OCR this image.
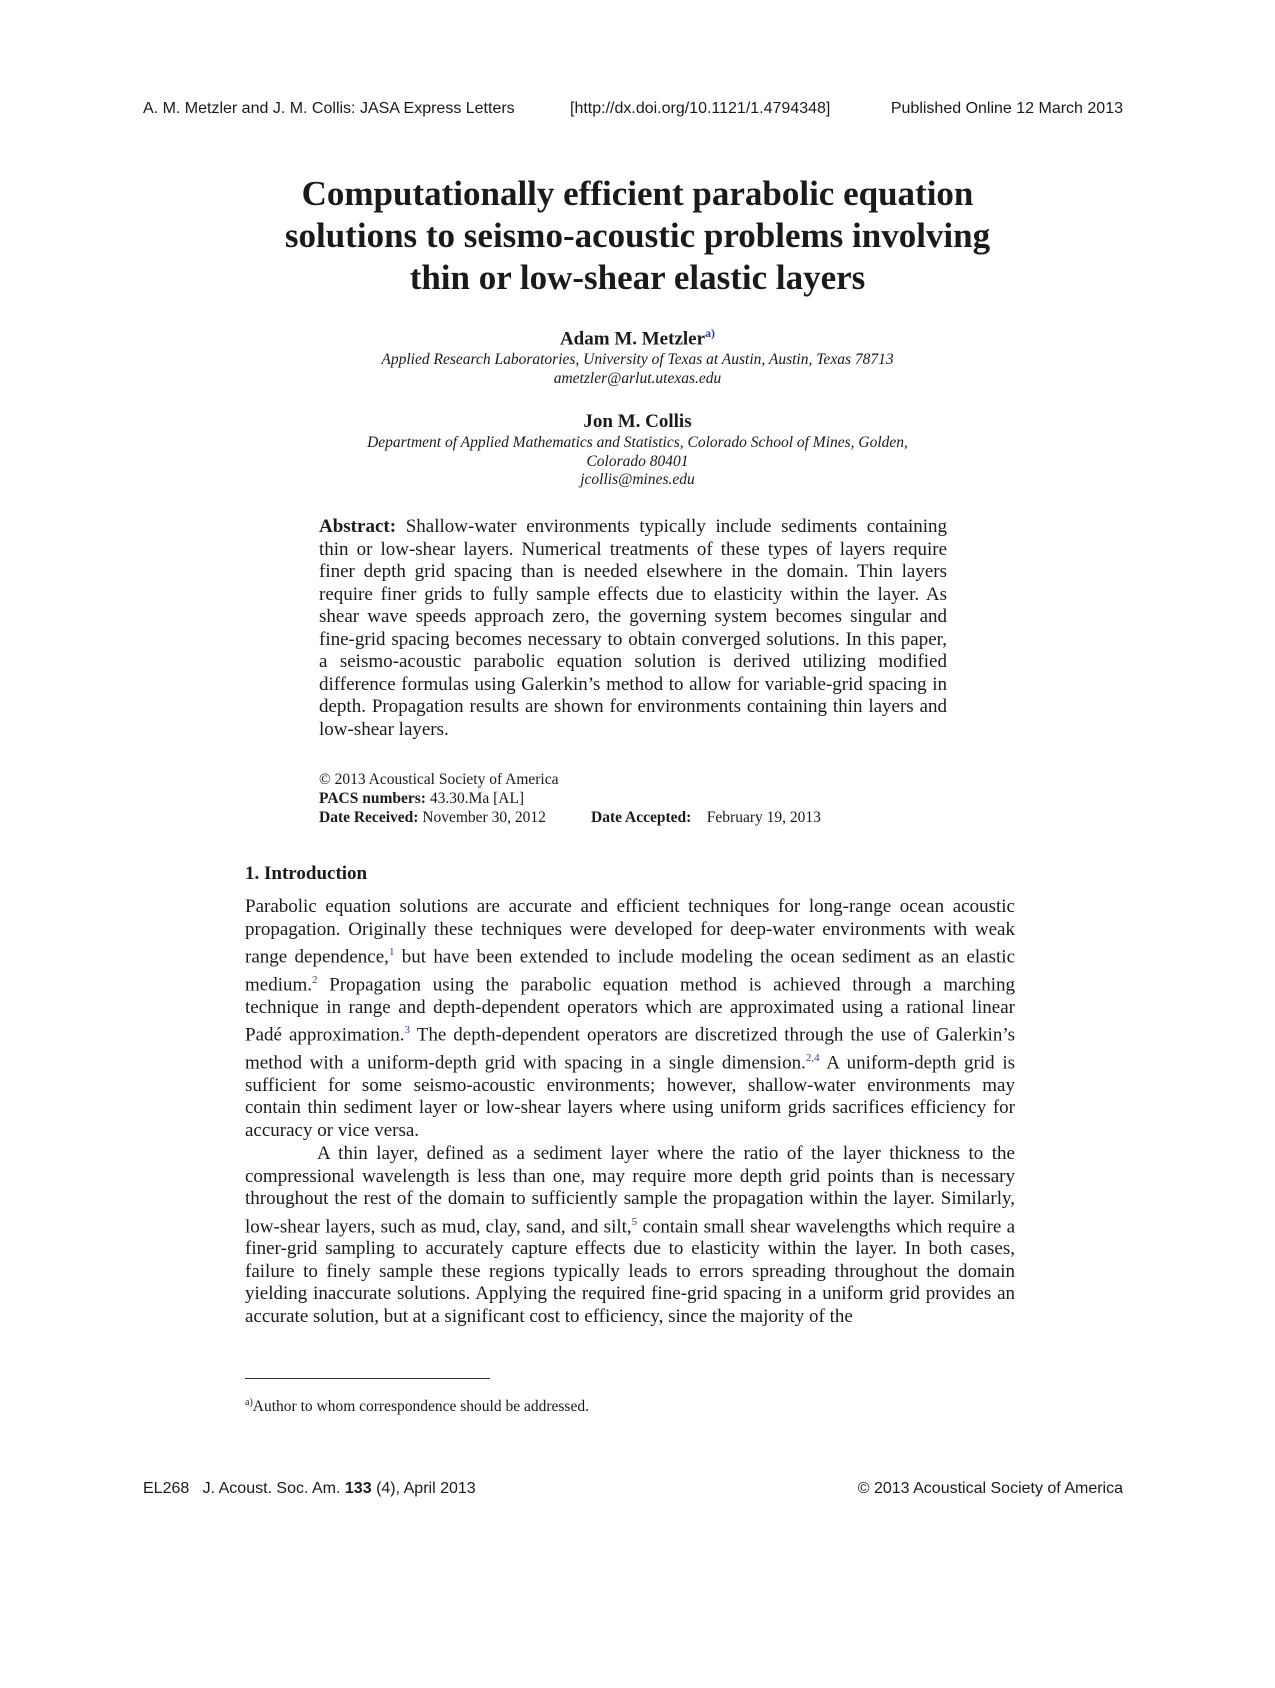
A. M. Metzler and J. M. Collis: JASA Express Letters	[http://dx.doi.org/10.1121/1.4794348]	Published Online 12 March 2013
Computationally efficient parabolic equation
solutions to seismo-acoustic problems involving
thin or low-shear elastic layers
Adam M. Metzler$^{a)}$
Applied Research Laboratories, University of Texas at Austin, Austin, Texas 78713
ametzler@arlut.utexas.edu
Jon M. Collis
Department of Applied Mathematics and Statistics, Colorado School of Mines, Golden,
Colorado 80401
jcollis@mines.edu

Abstract: Shallow-water environments typically include sediments containing thin or low-shear layers. Numerical treatments of these types of layers require finer depth grid spacing than is needed elsewhere in the domain. Thin layers require finer grids to fully sample effects due to elasticity within the layer. As shear wave speeds approach zero, the governing system becomes singular and fine-grid spacing becomes necessary to obtain converged solutions. In this paper, a seismo-acoustic parabolic equation solution is derived utilizing modified difference formulas using Galerkin’s method to allow for variable-grid spacing in depth. Propagation results are shown for environments containing thin layers and low-shear layers.

© 2013 Acoustical Society of America
PACS numbers: 43.30.Ma [AL]
Date Received: November 30, 2012	Date Accepted: February 19, 2013
1. Introduction

Parabolic equation solutions are accurate and efficient techniques for long-range ocean acoustic propagation. Originally these techniques were developed for deep-water environments with weak range dependence,$^1$ but have been extended to include modeling the ocean sediment as an elastic medium.$^2$ Propagation using the parabolic equation method is achieved through a marching technique in range and depth-dependent operators which are approximated using a rational linear Padé approximation.$^3$ The depth-dependent operators are discretized through the use of Galerkin’s method with a uniform-depth grid with spacing in a single dimension.$^{2,4}$ A uniform-depth grid is sufficient for some seismo-acoustic environments; however, shallow-water environments may contain thin sediment layer or low-shear layers where using uniform grids sacrifices efficiency for accuracy or vice versa.

A thin layer, defined as a sediment layer where the ratio of the layer thickness to the compressional wavelength is less than one, may require more depth grid points than is necessary throughout the rest of the domain to sufficiently sample the propagation within the layer. Similarly, low-shear layers, such as mud, clay, sand, and silt,$^5$ contain small shear wavelengths which require a finer-grid sampling to accurately capture effects due to elasticity within the layer. In both cases, failure to finely sample these regions typically leads to errors spreading throughout the domain yielding inaccurate solutions. Applying the required fine-grid spacing in a uniform grid provides an accurate solution, but at a significant cost to efficiency, since the majority of the

$^{a)}$Author to whom correspondence should be addressed.
EL268 J. Acoust. Soc. Am. 133 (4), April 2013	© 2013 Acoustical Society of America
